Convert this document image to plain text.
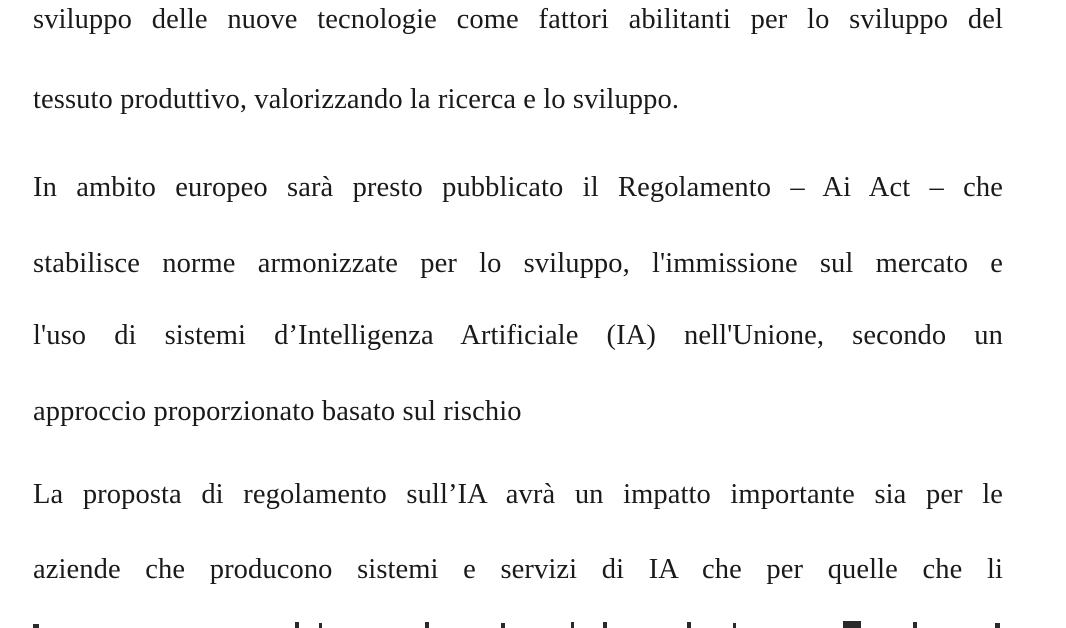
sviluppo delle nuove tecnologie come fattori abilitanti per lo sviluppo del
tessuto produttivo, valorizzando la ricerca e lo sviluppo.
In ambito europeo sarà presto pubblicato il Regolamento – Ai Act – che
stabilisce norme armonizzate per lo sviluppo, l'immissione sul mercato e
l'uso di sistemi d’Intelligenza Artificiale (IA) nell'Unione, secondo un
approccio proporzionato basato sul rischio
La proposta di regolamento sull’IA avrà un impatto importante sia per le
aziende che producono sistemi e servizi di IA che per quelle che li
